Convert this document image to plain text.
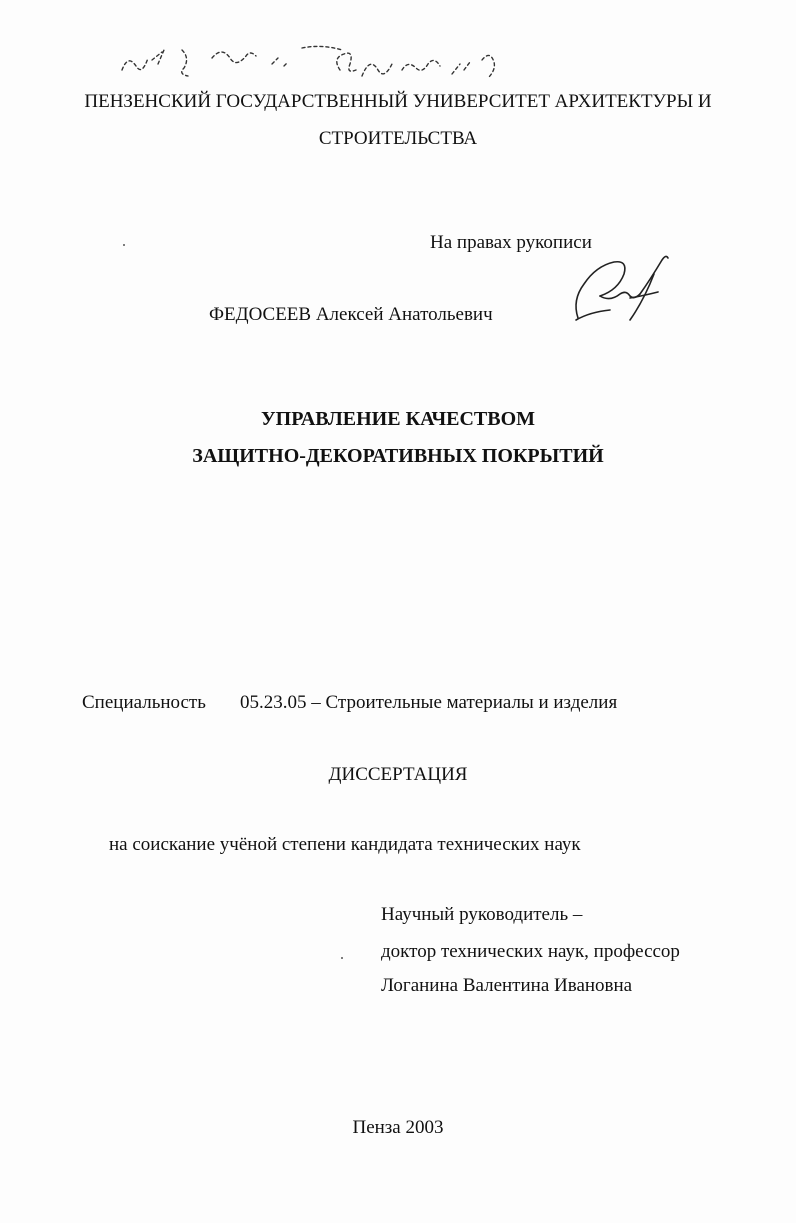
ПЕНЗЕНСКИЙ ГОСУДАРСТВЕННЫЙ УНИВЕРСИТЕТ АРХИТЕКТУРЫ И
СТРОИТЕЛЬСТВА
На правах рукописи
ФЕДОСЕЕВ Алексей Анатольевич
УПРАВЛЕНИЕ КАЧЕСТВОМ
ЗАЩИТНО-ДЕКОРАТИВНЫХ ПОКРЫТИЙ
Специальность 05.23.05 – Строительные материалы и изделия
ДИССЕРТАЦИЯ
на соискание учёной степени кандидата технических наук
Научный руководитель –
доктор технических наук, профессор
Логанина Валентина Ивановна
Пенза 2003
